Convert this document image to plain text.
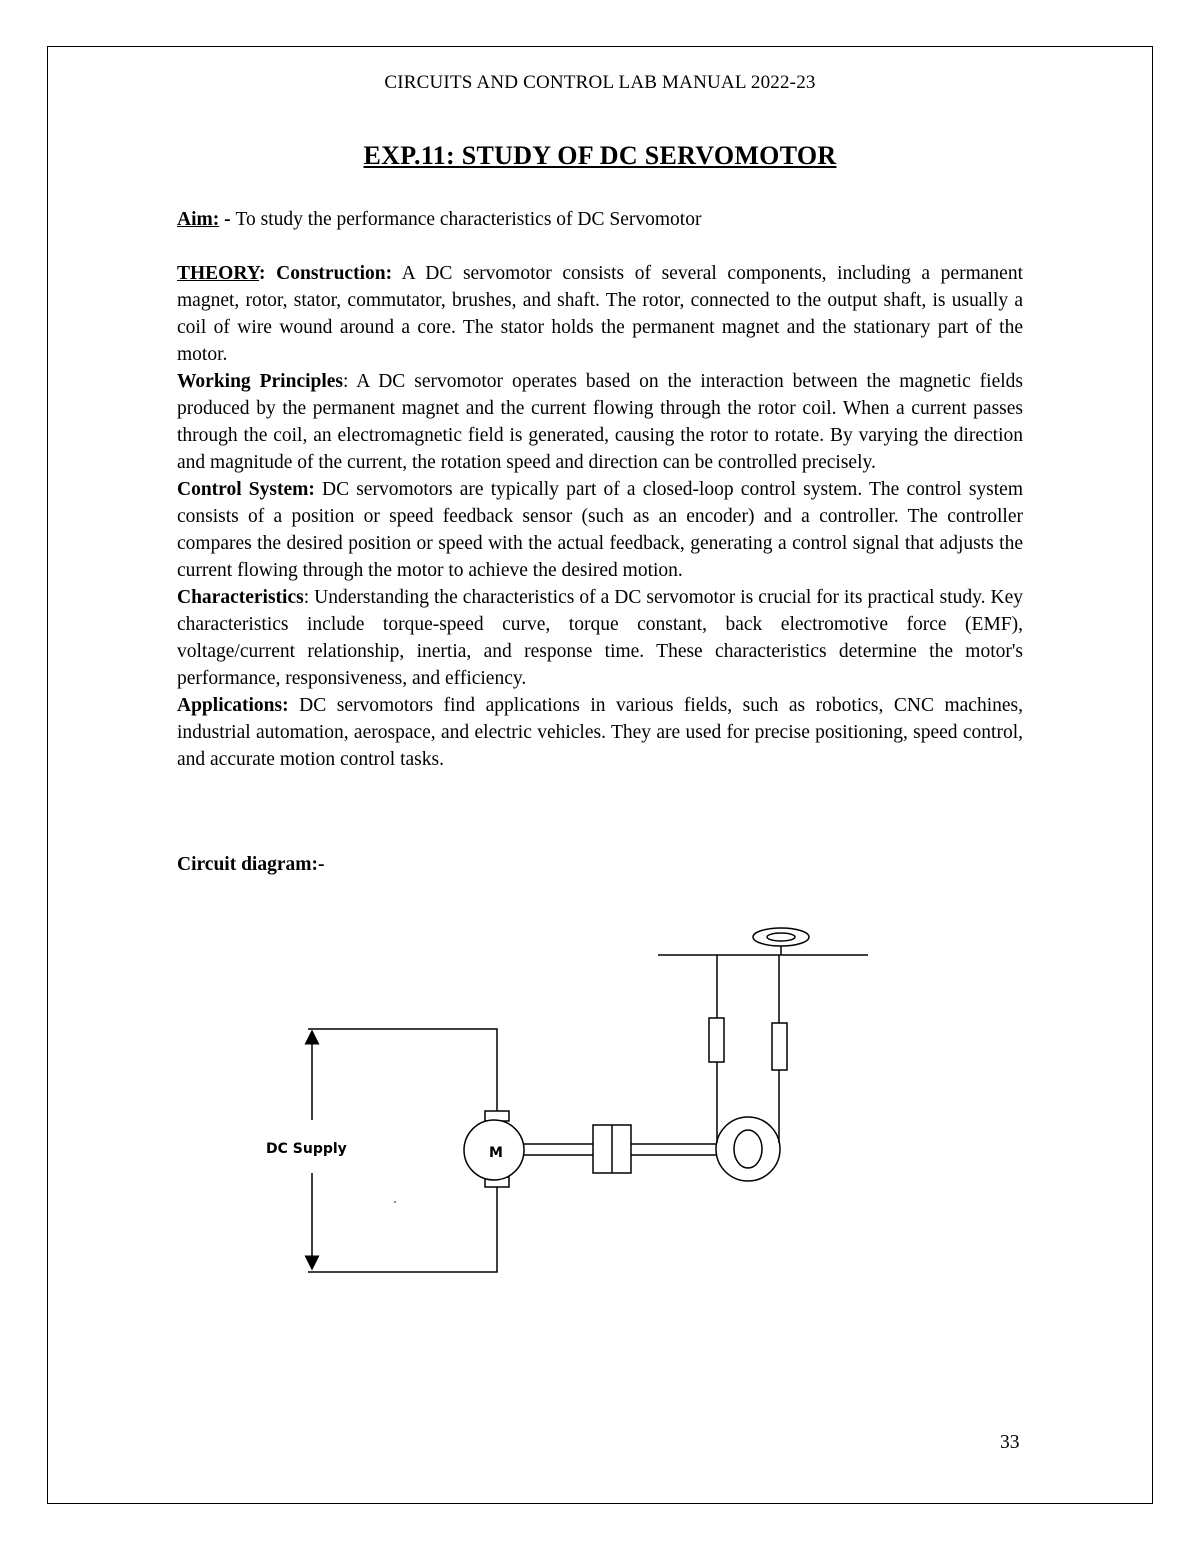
CIRCUITS AND CONTROL LAB MANUAL 2022-23
EXP.11: STUDY OF DC SERVOMOTOR

Aim: - To study the performance characteristics of DC Servomotor

THEORY: Construction: A DC servomotor consists of several components, including a permanent magnet, rotor, stator, commutator, brushes, and shaft. The rotor, connected to the output shaft, is usually a coil of wire wound around a core. The stator holds the permanent magnet and the stationary part of the motor.

Working Principles: A DC servomotor operates based on the interaction between the magnetic fields produced by the permanent magnet and the current flowing through the rotor coil. When a current passes through the coil, an electromagnetic field is generated, causing the rotor to rotate. By varying the direction and magnitude of the current, the rotation speed and direction can be controlled precisely.

Control System: DC servomotors are typically part of a closed-loop control system. The control system consists of a position or speed feedback sensor (such as an encoder) and a controller. The controller compares the desired position or speed with the actual feedback, generating a control signal that adjusts the current flowing through the motor to achieve the desired motion.

Characteristics: Understanding the characteristics of a DC servomotor is crucial for its practical study. Key characteristics include torque-speed curve, torque constant, back electromotive force (EMF), voltage/current relationship, inertia, and response time. These characteristics determine the motor's performance, responsiveness, and efficiency.

Applications: DC servomotors find applications in various fields, such as robotics, CNC machines, industrial automation, aerospace, and electric vehicles. They are used for precise positioning, speed control, and accurate motion control tasks.

Circuit diagram:-
DC Supply	M
33
